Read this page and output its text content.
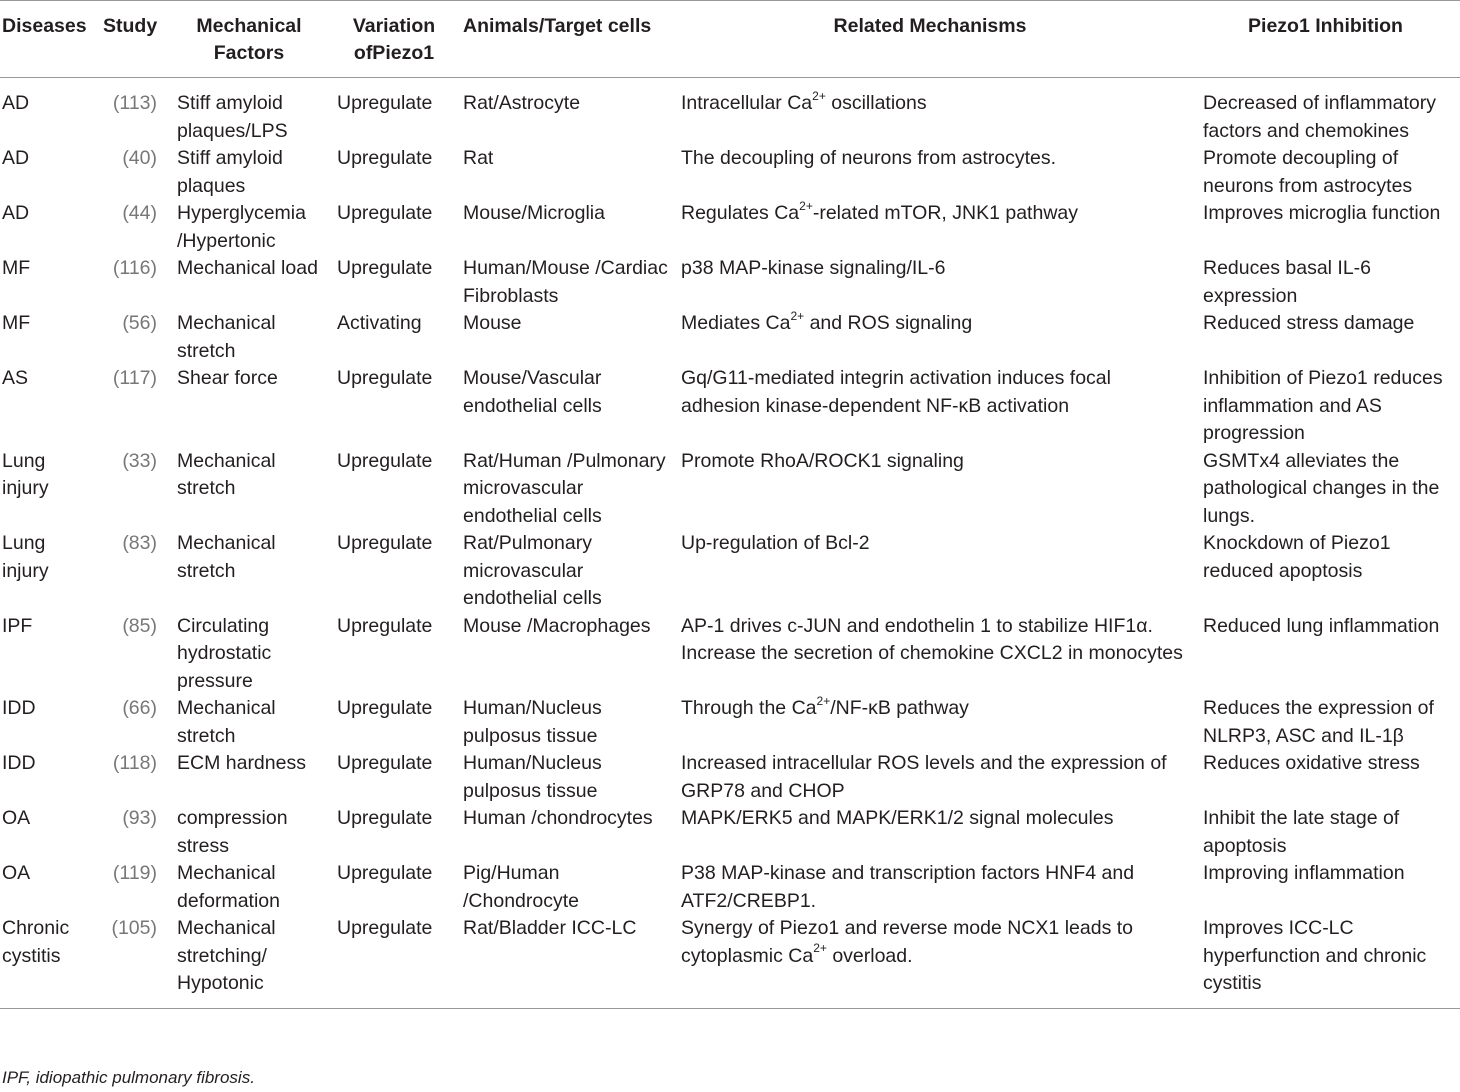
Diseases	Study	Mechanical Factors	Variation ofPiezo1	Animals/Target cells	Related Mechanisms	Piezo1 Inhibition
AD	(113)	Stiff amyloid plaques/LPS	Upregulate	Rat/Astrocyte	Intracellular $Ca^{2+}$ oscillations	Decreased of inflammatory factors and chemokines
AD	(40)	Stiff amyloid plaques	Upregulate	Rat	The decoupling of neurons from astrocytes.	Promote decoupling of neurons from astrocytes
AD	(44)	Hyperglycemia /Hypertonic	Upregulate	Mouse/Microglia	Regulates $Ca^{2+}$-related mTOR, JNK1 pathway	Improves microglia function
MF	(116)	Mechanical load	Upregulate	Human/Mouse /Cardiac Fibroblasts	p38 MAP-kinase signaling/IL-6	Reduces basal IL-6 expression
MF	(56)	Mechanical stretch	Activating	Mouse	Mediates $Ca^{2+}$ and ROS signaling	Reduced stress damage
AS	(117)	Shear force	Upregulate	Mouse/Vascular endothelial cells	Gq/G11-mediated integrin activation induces focal adhesion kinase-dependent NF-κB activation	Inhibition of Piezo1 reduces inflammation and AS progression
Lung injury	(33)	Mechanical stretch	Upregulate	Rat/Human /Pulmonary microvascular endothelial cells	Promote RhoA/ROCK1 signaling	GSMTx4 alleviates the pathological changes in the lungs.
Lung injury	(83)	Mechanical stretch	Upregulate	Rat/Pulmonary microvascular endothelial cells	Up-regulation of Bcl-2	Knockdown of Piezo1 reduced apoptosis
IPF	(85)	Circulating hydrostatic pressure	Upregulate	Mouse /Macrophages	AP-1 drives c-JUN and endothelin 1 to stabilize HIF1α. Increase the secretion of chemokine CXCL2 in monocytes	Reduced lung inflammation
IDD	(66)	Mechanical stretch	Upregulate	Human/Nucleus pulposus tissue	Through the $Ca^{2+}/NF-\kappa B$ pathway	Reduces the expression of NLRP3, ASC and IL-1β
IDD	(118)	ECM hardness	Upregulate	Human/Nucleus pulposus tissue	Increased intracellular ROS levels and the expression of GRP78 and CHOP	Reduces oxidative stress
OA	(93)	compression stress	Upregulate	Human /chondrocytes	MAPK/ERK5 and MAPK/ERK1/2 signal molecules	Inhibit the late stage of apoptosis
OA	(119)	Mechanical deformation	Upregulate	Pig/Human /Chondrocyte	P38 MAP-kinase and transcription factors HNF4 and ATF2/CREBP1.	Improving inflammation
Chronic cystitis	(105)	Mechanical stretching/ Hypotonic	Upregulate	Rat/Bladder ICC-LC	Synergy of Piezo1 and reverse mode NCX1 leads to cytoplasmic $Ca^{2+}$ overload.	Improves ICC-LC hyperfunction and chronic cystitis
IPF, idiopathic pulmonary fibrosis.
